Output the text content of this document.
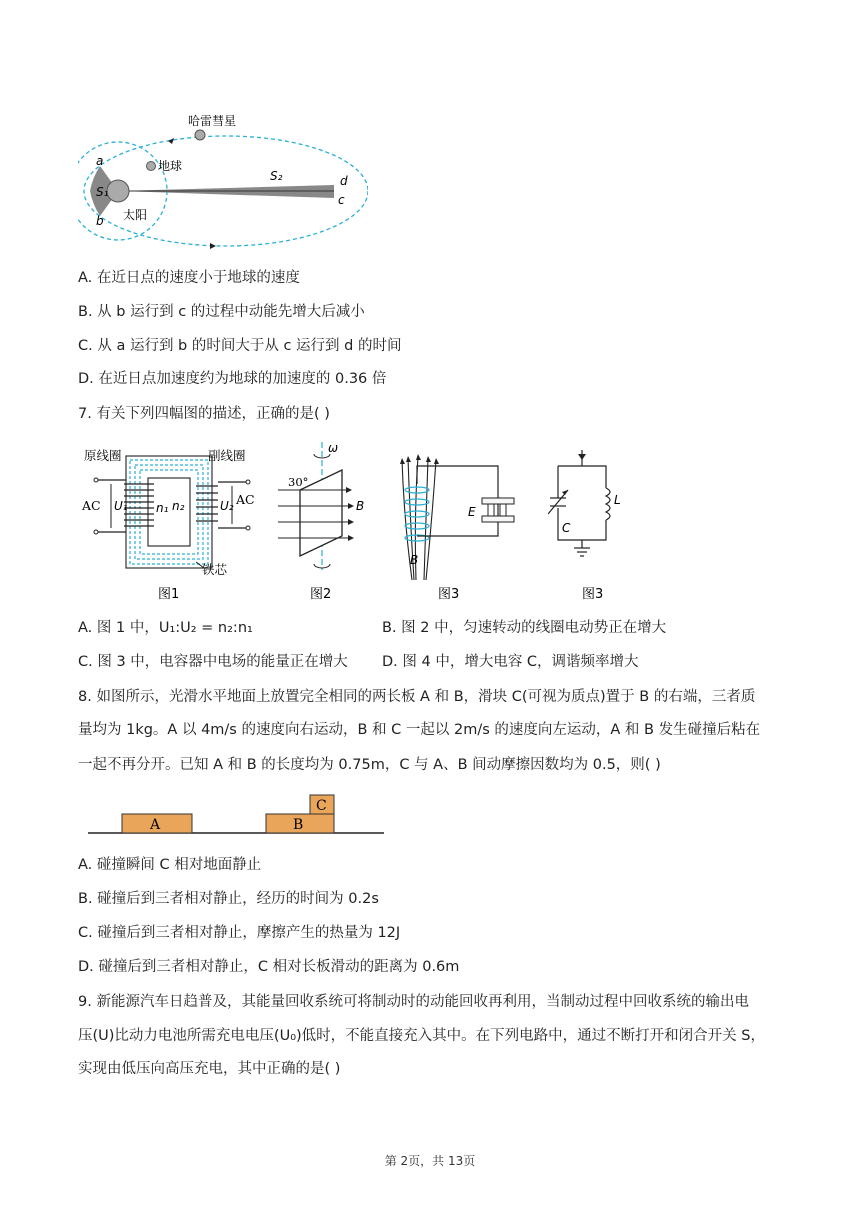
哈雷彗星
地球
太阳
a
b
d
c
S₁
S₂
A. 在近日点的速度小于地球的速度
B. 从 b 运行到 c 的过程中动能先增大后减小
C. 从 a 运行到 b 的时间大于从 c 运行到 d 的时间
D. 在近日点加速度约为地球的加速度的 0.36 倍
7. 有关下列四幅图的描述，正确的是( )
原线圈	副线圈
AC U₁ n₁ n₂	U₂ AC
铁芯
图1
ω
30°
B
图2
E
B
图3
C
L
图3
A. 图 1 中，U₁:U₂ = n₂:n₁	B. 图 2 中，匀速转动的线圈电动势正在增大
C. 图 3 中，电容器中电场的能量正在增大 D. 图 4 中，增大电容 C，调谐频率增大
8. 如图所示，光滑水平地面上放置完全相同的两长板 A 和 B，滑块 C(可视为质点)置于 B 的右端，三者质
量均为 1kg。A 以 4m/s 的速度向右运动，B 和 C 一起以 2m/s 的速度向左运动，A 和 B 发生碰撞后粘在
一起不再分开。已知 A 和 B 的长度均为 0.75m，C 与 A、B 间动摩擦因数均为 0.5，则( )
A	B
C
A. 碰撞瞬间 C 相对地面静止
B. 碰撞后到三者相对静止，经历的时间为 0.2s
C. 碰撞后到三者相对静止，摩擦产生的热量为 12J
D. 碰撞后到三者相对静止，C 相对长板滑动的距离为 0.6m
9. 新能源汽车日趋普及，其能量回收系统可将制动时的动能回收再利用，当制动过程中回收系统的输出电
压(U)比动力电池所需充电电压(U₀)低时，不能直接充入其中。在下列电路中，通过不断打开和闭合开关 S，
实现由低压向高压充电，其中正确的是( )
第 2页，共 13页
